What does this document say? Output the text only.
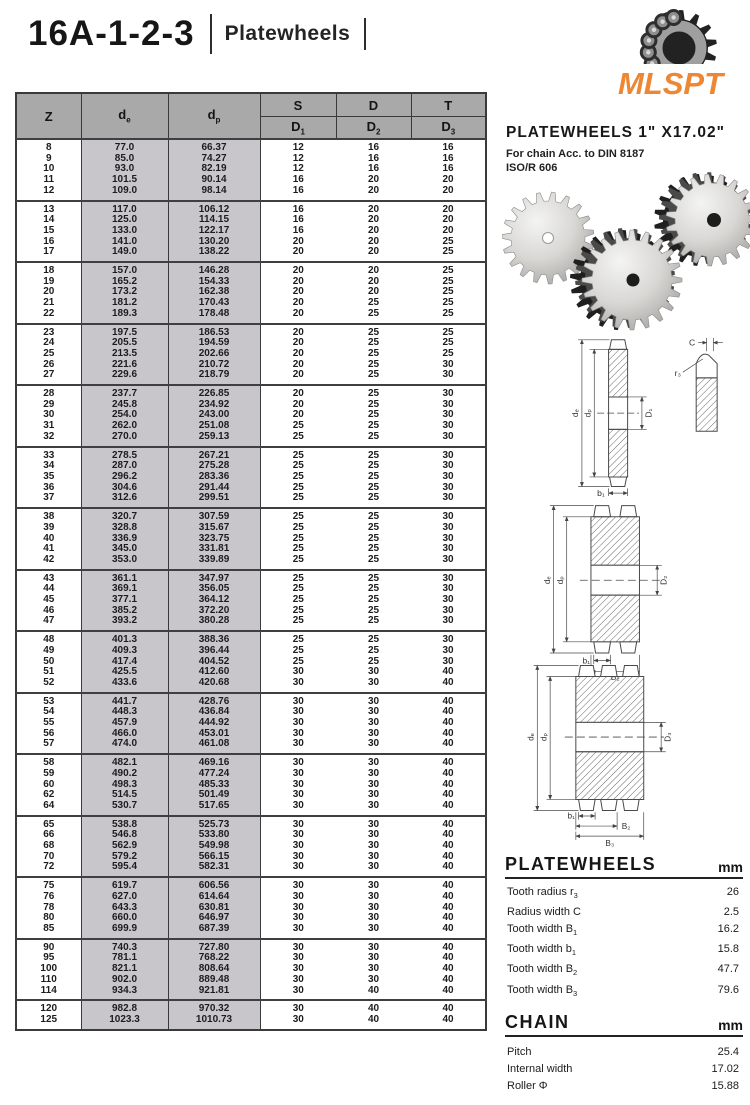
16A-1-2-3 Platewheels
MLSPT
Z	$d_e$	$d_p$	S	D	T
			$D_1$	$D_2$	$D_3$
8	77.0	66.37	12	16	16
9	85.0	74.27	12	16	16
10	93.0	82.19	12	16	16
11	101.5	90.14	16	20	20
12	109.0	98.14	16	20	20
13	117.0	106.12	16	20	20
14	125.0	114.15	16	20	20
15	133.0	122.17	16	20	20
16	141.0	130.20	20	20	25
17	149.0	138.22	20	20	25
18	157.0	146.28	20	20	25
19	165.2	154.33	20	20	25
20	173.2	162.38	20	20	25
21	181.2	170.43	20	25	25
22	189.3	178.48	20	25	25
23	197.5	186.53	20	25	25
24	205.5	194.59	20	25	25
25	213.5	202.66	20	25	25
26	221.6	210.72	20	25	30
27	229.6	218.79	20	25	30
28	237.7	226.85	20	25	30
29	245.8	234.92	20	25	30
30	254.0	243.00	20	25	30
31	262.0	251.08	25	25	30
32	270.0	259.13	25	25	30
33	278.5	267.21	25	25	30
34	287.0	275.28	25	25	30
35	296.2	283.36	25	25	30
36	304.6	291.44	25	25	30
37	312.6	299.51	25	25	30
38	320.7	307.59	25	25	30
39	328.8	315.67	25	25	30
40	336.9	323.75	25	25	30
41	345.0	331.81	25	25	30
42	353.0	339.89	25	25	30
43	361.1	347.97	25	25	30
44	369.1	356.05	25	25	30
45	377.1	364.12	25	25	30
46	385.2	372.20	25	25	30
47	393.2	380.28	25	25	30
48	401.3	388.36	25	25	30
49	409.3	396.44	25	25	30
50	417.4	404.52	25	25	30
51	425.5	412.60	30	30	40
52	433.6	420.68	30	30	40
53	441.7	428.76	30	30	40
54	448.3	436.84	30	30	40
55	457.9	444.92	30	30	40
56	466.0	453.01	30	30	40
57	474.0	461.08	30	30	40
58	482.1	469.16	30	30	40
59	490.2	477.24	30	30	40
60	498.3	485.33	30	30	40
62	514.5	501.49	30	30	40
64	530.7	517.65	30	30	40
65	538.8	525.73	30	30	40
66	546.8	533.80	30	30	40
68	562.9	549.98	30	30	40
70	579.2	566.15	30	30	40
72	595.4	582.31	30	30	40
75	619.7	606.56	30	30	40
76	627.0	614.64	30	30	40
78	643.3	630.81	30	30	40
80	660.0	646.97	30	30	40
85	699.9	687.39	30	30	40
90	740.3	727.80	30	30	40
95	781.1	768.22	30	30	40
100	821.1	808.64	30	30	40
110	902.0	889.48	30	30	40
114	934.3	921.81	30	40	40
120	982.8	970.32	30	40	40
125	1023.3	1010.73	30	40	40
PLATEWHEELS 1" X17.02"
For chain Acc. to DIN 8187
ISO/R 606
dₑ dₚ	D₁
b₁
C
r₃
dₑ dₚ	D₂
b₁
dₑ dₚ	D₃
b₁
B₂
B₃
PLATEWHEELS	mm
Tooth radius $r_3$	26
Radius width C	2.5
Tooth width $B_1$	16.2
Tooth width $b_1$	15.8
Tooth width $B_2$	47.7
Tooth width $B_3$	79.6
CHAIN	mm
Pitch	25.4
Internal width	17.02
Roller Φ	15.88
